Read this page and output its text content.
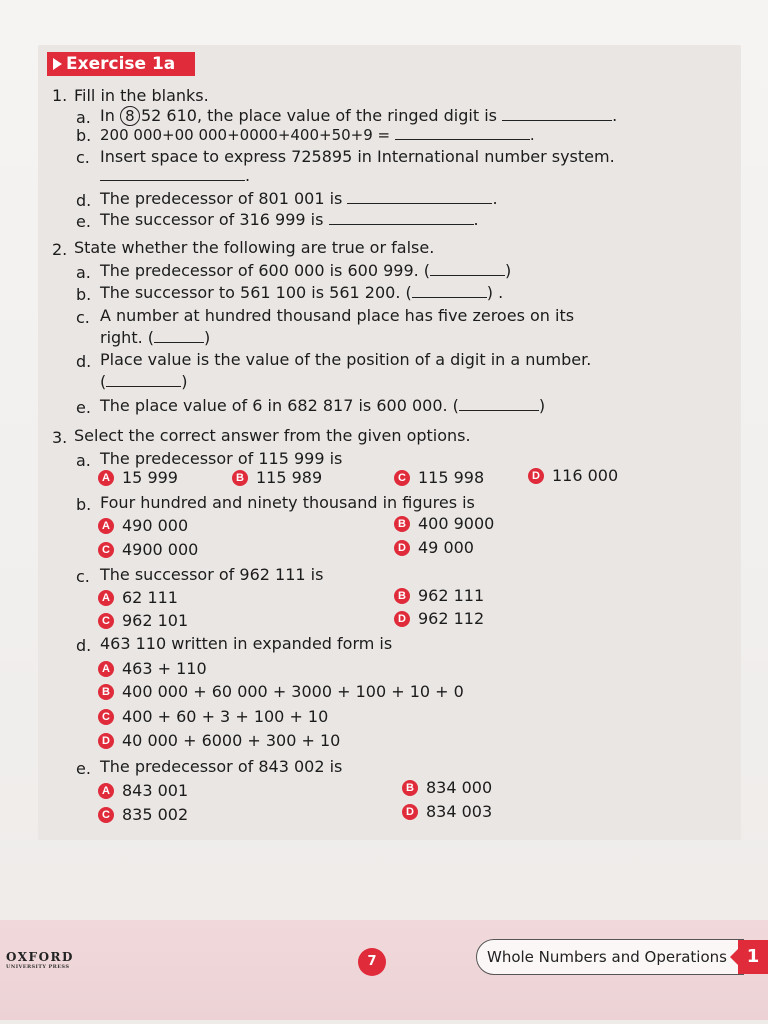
Exercise 1a
1. Fill in the blanks.
a. In 8 52 610, the place value of the ringed digit is	.
b. 200 000+00 000+0000+400+50+9 =	.
c. Insert space to express 725895 in International number system.
.
d. The predecessor of 801 001 is	.
e. The successor of 316 999 is	.
2. State whether the following are true or false.
a. The predecessor of 600 000 is 600 999. (	)
b. The successor to 561 100 is 561 200. (	) .
c. A number at hundred thousand place has five zeroes on its
right. (	)
d. Place value is the value of the position of a digit in a number.
(	)
e. The place value of 6 in 682 817 is 600 000. (	)
3. Select the correct answer from the given options.
a. The predecessor of 115 999 is
A 15 999	B 115 989	C 115 998	D 116 000
b. Four hundred and ninety thousand in figures is
A 490 000	B 400 9000
C 4900 000	D 49 000
c. The successor of 962 111 is
A 62 111	B 962 111
C 962 101	D 962 112
d. 463 110 written in expanded form is
A 463 + 110
B 400 000 + 60 000 + 3000 + 100 + 10 + 0
C 400 + 60 + 3 + 100 + 10
D 40 000 + 6000 + 300 + 10
e. The predecessor of 843 002 is
A 843 001	B 834 000
C 835 002	D 834 003
OXFORD
UNIVERSITY PRESS	7	Whole Numbers and Operations	1
